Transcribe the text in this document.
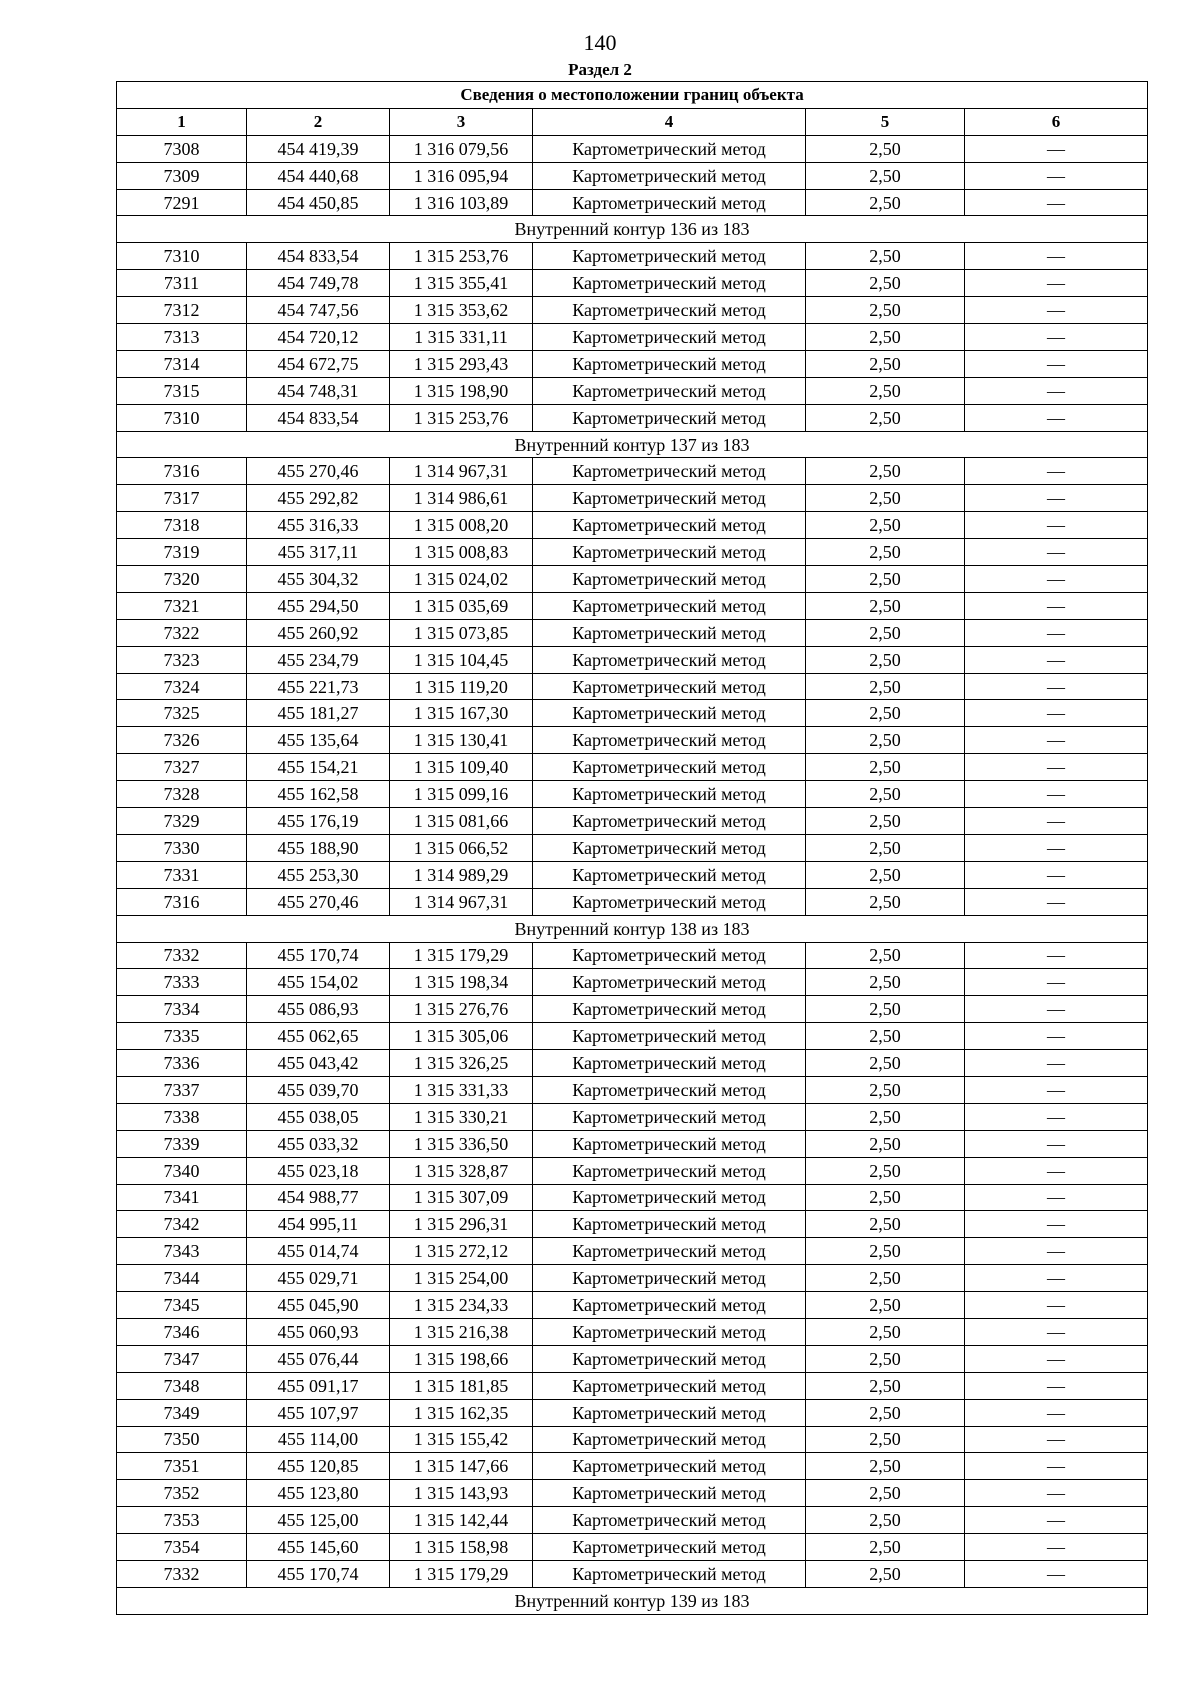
140
Раздел 2
Сведения о местоположении границ объекта					
1	2	3	4	5	6
7308	454 419,39	1 316 079,56	Картометрический метод	2,50	—
7309	454 440,68	1 316 095,94	Картометрический метод	2,50	—
7291	454 450,85	1 316 103,89	Картометрический метод	2,50	—
Внутренний контур 136 из 183					
7310	454 833,54	1 315 253,76	Картометрический метод	2,50	—
7311	454 749,78	1 315 355,41	Картометрический метод	2,50	—
7312	454 747,56	1 315 353,62	Картометрический метод	2,50	—
7313	454 720,12	1 315 331,11	Картометрический метод	2,50	—
7314	454 672,75	1 315 293,43	Картометрический метод	2,50	—
7315	454 748,31	1 315 198,90	Картометрический метод	2,50	—
7310	454 833,54	1 315 253,76	Картометрический метод	2,50	—
Внутренний контур 137 из 183					
7316	455 270,46	1 314 967,31	Картометрический метод	2,50	—
7317	455 292,82	1 314 986,61	Картометрический метод	2,50	—
7318	455 316,33	1 315 008,20	Картометрический метод	2,50	—
7319	455 317,11	1 315 008,83	Картометрический метод	2,50	—
7320	455 304,32	1 315 024,02	Картометрический метод	2,50	—
7321	455 294,50	1 315 035,69	Картометрический метод	2,50	—
7322	455 260,92	1 315 073,85	Картометрический метод	2,50	—
7323	455 234,79	1 315 104,45	Картометрический метод	2,50	—
7324	455 221,73	1 315 119,20	Картометрический метод	2,50	—
7325	455 181,27	1 315 167,30	Картометрический метод	2,50	—
7326	455 135,64	1 315 130,41	Картометрический метод	2,50	—
7327	455 154,21	1 315 109,40	Картометрический метод	2,50	—
7328	455 162,58	1 315 099,16	Картометрический метод	2,50	—
7329	455 176,19	1 315 081,66	Картометрический метод	2,50	—
7330	455 188,90	1 315 066,52	Картометрический метод	2,50	—
7331	455 253,30	1 314 989,29	Картометрический метод	2,50	—
7316	455 270,46	1 314 967,31	Картометрический метод	2,50	—
Внутренний контур 138 из 183					
7332	455 170,74	1 315 179,29	Картометрический метод	2,50	—
7333	455 154,02	1 315 198,34	Картометрический метод	2,50	—
7334	455 086,93	1 315 276,76	Картометрический метод	2,50	—
7335	455 062,65	1 315 305,06	Картометрический метод	2,50	—
7336	455 043,42	1 315 326,25	Картометрический метод	2,50	—
7337	455 039,70	1 315 331,33	Картометрический метод	2,50	—
7338	455 038,05	1 315 330,21	Картометрический метод	2,50	—
7339	455 033,32	1 315 336,50	Картометрический метод	2,50	—
7340	455 023,18	1 315 328,87	Картометрический метод	2,50	—
7341	454 988,77	1 315 307,09	Картометрический метод	2,50	—
7342	454 995,11	1 315 296,31	Картометрический метод	2,50	—
7343	455 014,74	1 315 272,12	Картометрический метод	2,50	—
7344	455 029,71	1 315 254,00	Картометрический метод	2,50	—
7345	455 045,90	1 315 234,33	Картометрический метод	2,50	—
7346	455 060,93	1 315 216,38	Картометрический метод	2,50	—
7347	455 076,44	1 315 198,66	Картометрический метод	2,50	—
7348	455 091,17	1 315 181,85	Картометрический метод	2,50	—
7349	455 107,97	1 315 162,35	Картометрический метод	2,50	—
7350	455 114,00	1 315 155,42	Картометрический метод	2,50	—
7351	455 120,85	1 315 147,66	Картометрический метод	2,50	—
7352	455 123,80	1 315 143,93	Картометрический метод	2,50	—
7353	455 125,00	1 315 142,44	Картометрический метод	2,50	—
7354	455 145,60	1 315 158,98	Картометрический метод	2,50	—
7332	455 170,74	1 315 179,29	Картометрический метод	2,50	—
Внутренний контур 139 из 183					
